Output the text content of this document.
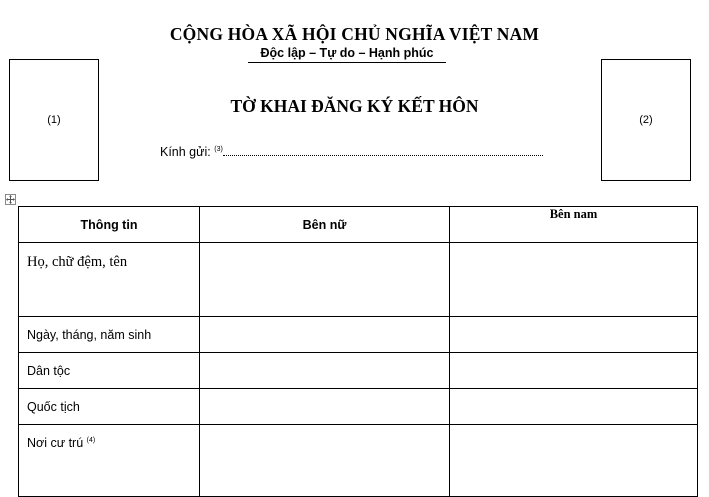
CỘNG HÒA XÃ HỘI CHỦ NGHĨA VIỆT NAM
Độc lập – Tự do – Hạnh phúc
(1)	(2)
TỜ KHAI ĐĂNG KÝ KẾT HÔN
Kính gửi: $^{(3)}$
Thông tin	Bên nữ	Bên nam
Họ, chữ đệm, tên		
Ngày, tháng, năm sinh		
Dân tộc		
Quốc tịch		
Nơi cư trú $^{(4)}$		
